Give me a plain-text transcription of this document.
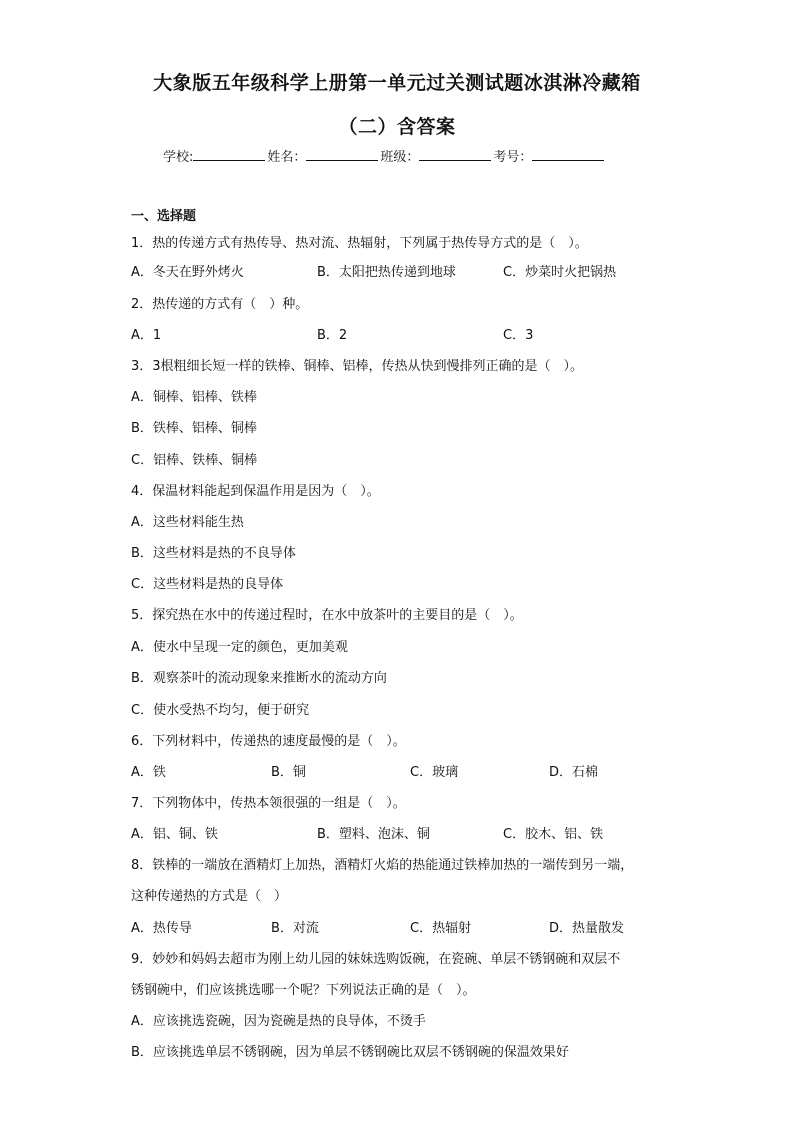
大象版五年级科学上册第一单元过关测试题冰淇淋冷藏箱
（二）含答案
学校:	姓名：	班级：	考号：
一、选择题
1．热的传递方式有热传导、热对流、热辐射，下列属于热传导方式的是（　）。
A．冬天在野外烤火	B．太阳把热传递到地球	C．炒菜时火把锅热
2．热传递的方式有（　）种。
A．1	B．2	C．3
3．3根粗细长短一样的铁棒、铜棒、铝棒，传热从快到慢排列正确的是（　）。
A．铜棒、铝棒、铁棒
B．铁棒、铝棒、铜棒
C．铝棒、铁棒、铜棒
4．保温材料能起到保温作用是因为（　）。
A．这些材料能生热
B．这些材料是热的不良导体
C．这些材料是热的良导体
5．探究热在水中的传递过程时，在水中放茶叶的主要目的是（　）。
A．使水中呈现一定的颜色，更加美观
B．观察茶叶的流动现象来推断水的流动方向
C．使水受热不均匀，便于研究
6．下列材料中，传递热的速度最慢的是（　）。
A．铁	B．铜	C．玻璃	D．石棉
7．下列物体中，传热本领很强的一组是（　）。
A．铝、铜、铁	B．塑料、泡沫、铜	C．胶木、铝、铁
8．铁棒的一端放在酒精灯上加热，酒精灯火焰的热能通过铁棒加热的一端传到另一端，
这种传递热的方式是（　）
A．热传导	B．对流	C．热辐射	D．热量散发
9．妙妙和妈妈去超市为刚上幼儿园的妹妹选购饭碗，在瓷碗、单层不锈钢碗和双层不
锈钢碗中，们应该挑选哪一个呢？下列说法正确的是（　）。
A．应该挑选瓷碗，因为瓷碗是热的良导体，不烫手
B．应该挑选单层不锈钢碗，因为单层不锈钢碗比双层不锈钢碗的保温效果好
